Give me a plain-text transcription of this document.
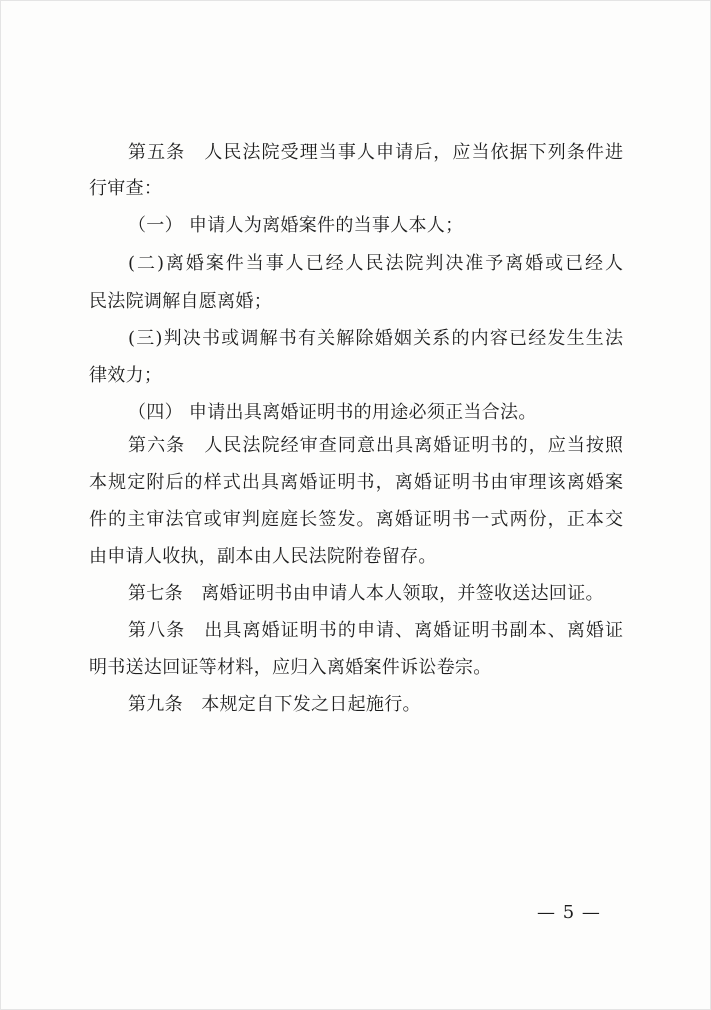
第五条　人民法院受理当事人申请后，应当依据下列条件进
行审查：
（一） 申请人为离婚案件的当事人本人；
(二)离婚案件当事人已经人民法院判决准予离婚或已经人
民法院调解自愿离婚；
(三)判决书或调解书有关解除婚姻关系的内容已经发生生法
律效力；
（四） 申请出具离婚证明书的用途必须正当合法。
第六条　人民法院经审查同意出具离婚证明书的，应当按照
本规定附后的样式出具离婚证明书，离婚证明书由审理该离婚案
件的主审法官或审判庭庭长签发。离婚证明书一式两份，正本交
由申请人收执，副本由人民法院附卷留存。
第七条　离婚证明书由申请人本人领取，并签收送达回证。
第八条　出具离婚证明书的申请、离婚证明书副本、离婚证
明书送达回证等材料，应归入离婚案件诉讼卷宗。
第九条　本规定自下发之日起施行。
— 5 —
